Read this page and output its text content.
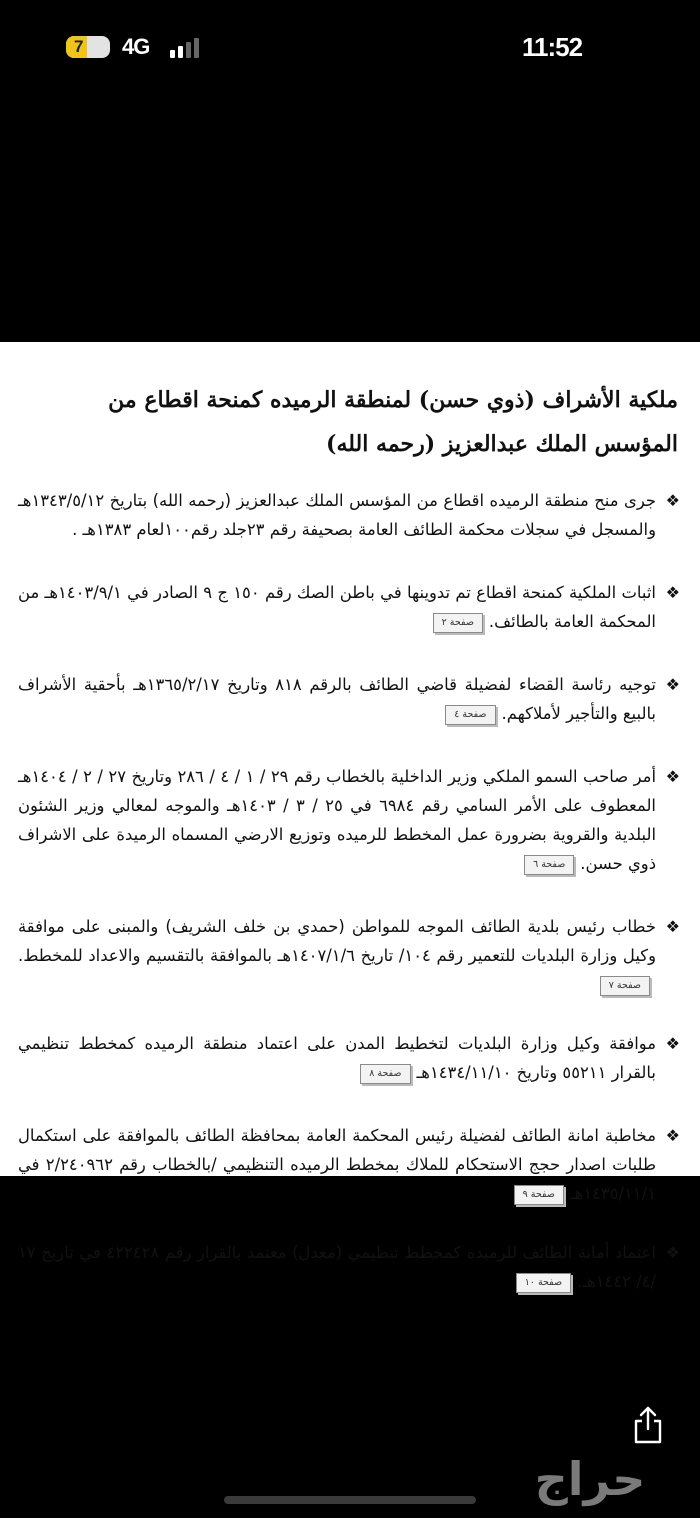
7 4G	11:52
ملكية الأشراف (ذوي حسن) لمنطقة الرميده كمنحة اقطاع من المؤسس الملك عبدالعزيز (رحمه الله)
❖
جرى منح منطقة الرميده اقطاع من المؤسس الملك عبدالعزيز (رحمه الله) بتاريخ ١٣٤٣/٥/١٢هـ والمسجل في سجلات محكمة الطائف العامة بصحيفة رقم ٢٣جلد رقم١٠٠لعام ١٣٨٣هـ .
❖
اثبات الملكية كمنحة اقطاع تم تدوينها في باطن الصك رقم ١٥٠ ج ٩ الصادر في ١٤٠٣/٩/١هـ من المحكمة العامة بالطائف.صفحة ٢
❖
توجيه رئاسة القضاء لفضيلة قاضي الطائف بالرقم ٨١٨ وتاريخ ١٣٦٥/٢/١٧هـ بأحقية الأشراف بالبيع والتأجير لأملاكهم.صفحة ٤
❖
أمر صاحب السمو الملكي وزير الداخلية بالخطاب رقم ٢٩ / ١ / ٤ / ٢٨٦ وتاريخ ٢٧ / ٢ / ١٤٠٤هـ المعطوف على الأمر السامي رقم ٦٩٨٤ في ٢٥ / ٣ / ١٤٠٣هـ والموجه لمعالي وزير الشئون البلدية والقروية بضرورة عمل المخطط للرميده وتوزيع الارضي المسماه الرميدة على الاشراف ذوي حسن.صفحة ٦
❖
خطاب رئيس بلدية الطائف الموجه للمواطن (حمدي بن خلف الشريف) والمبنى على موافقة وكيل وزارة البلديات للتعمير رقم ١٠٤/ تاريخ ١٤٠٧/١/٦هـ بالموافقة بالتقسيم والاعداد للمخطط.صفحة ٧
❖
موافقة وكيل وزارة البلديات لتخطيط المدن على اعتماد منطقة الرميده كمخطط تنظيمي بالقرار ٥٥٢١١ وتاريخ ١٤٣٤/١١/١٠هـصفحة ٨
❖
مخاطبة امانة الطائف لفضيلة رئيس المحكمة العامة بمحافظة الطائف بالموافقة على استكمال طلبات اصدار حجج الاستحكام للملاك بمخطط الرميده التنظيمي /بالخطاب رقم ٢/٢٤٠٩٦٢ في ١٤٣٥/١١/١هـصفحة ٩
❖
اعتماد أمانة الطائف للرميده كمخطط تنظيمي (معدل) معتمد بالقرار رقم ٤٢٢٤٢٨ في تاريخ ١٧ /٤/ ١٤٤٢هـ.صفحة ١٠
حراج
